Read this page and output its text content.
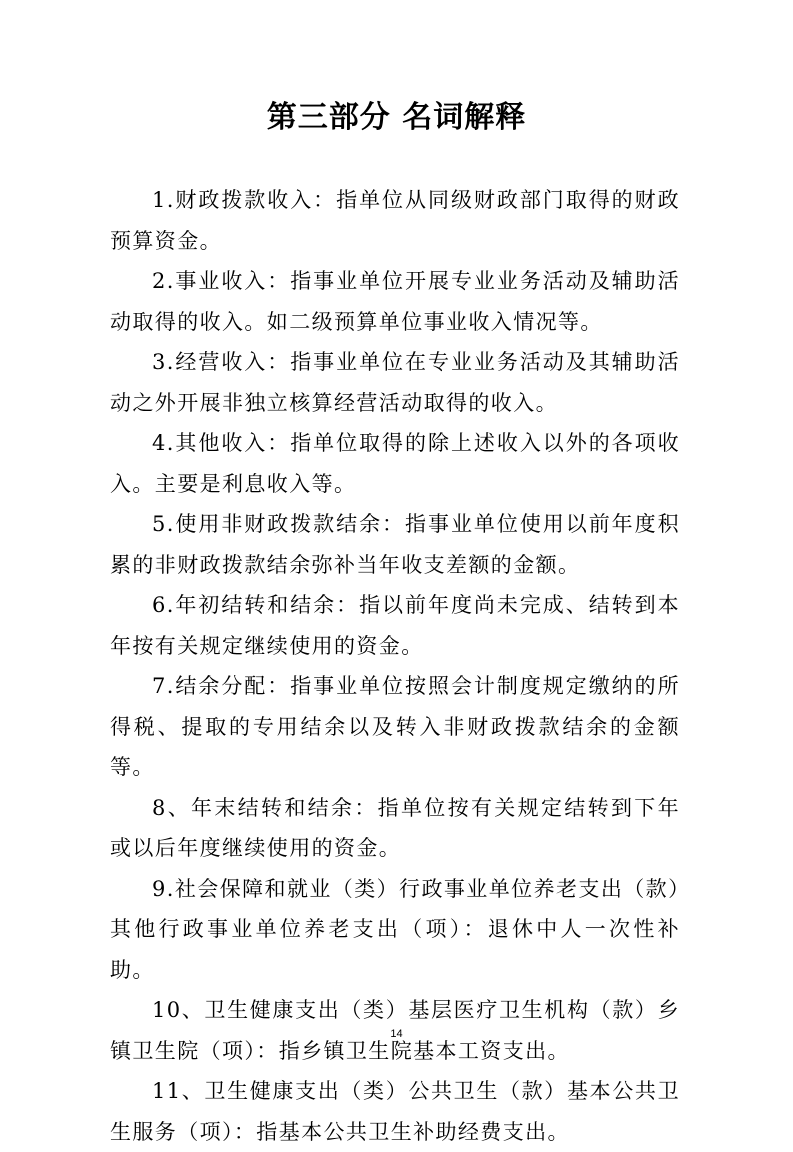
第三部分 名词解释

1.财政拨款收入：指单位从同级财政部门取得的财政预算资金。

2.事业收入：指事业单位开展专业业务活动及辅助活动取得的收入。如二级预算单位事业收入情况等。

3.经营收入：指事业单位在专业业务活动及其辅助活动之外开展非独立核算经营活动取得的收入。

4.其他收入：指单位取得的除上述收入以外的各项收入。主要是利息收入等。

5.使用非财政拨款结余：指事业单位使用以前年度积累的非财政拨款结余弥补当年收支差额的金额。

6.年初结转和结余：指以前年度尚未完成、结转到本年按有关规定继续使用的资金。

7.结余分配：指事业单位按照会计制度规定缴纳的所得税、提取的专用结余以及转入非财政拨款结余的金额等。

8、年末结转和结余：指单位按有关规定结转到下年或以后年度继续使用的资金。

9.社会保障和就业（类）行政事业单位养老支出（款）其他行政事业单位养老支出（项）：退休中人一次性补助。

10、卫生健康支出（类）基层医疗卫生机构（款）乡镇卫生院（项）：指乡镇卫生院基本工资支出。

11、卫生健康支出（类）公共卫生（款）基本公共卫生服务（项）：指基本公共卫生补助经费支出。

14
